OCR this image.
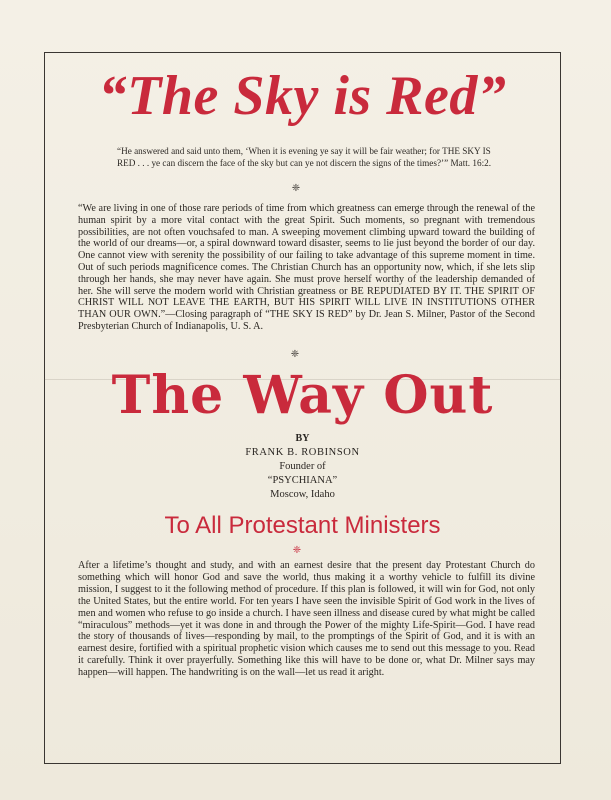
“The Sky is Red”
“He answered and said unto them, ‘When it is evening ye say it will be fair weather; for THE SKY IS RED . . . ye can discern the face of the sky but can ye not discern the signs of the times?’” Matt. 16:2.
❈
“We are living in one of those rare periods of time from which greatness can emerge through the renewal of the human spirit by a more vital contact with the great Spirit. Such moments, so pregnant with tremendous possibilities, are not often vouchsafed to man. A sweeping movement climbing upward toward the building of the world of our dreams—or, a spiral downward toward disaster, seems to lie just beyond the border of our day. One cannot view with serenity the possibility of our failing to take advantage of this supreme moment in time. Out of such periods magnificence comes. The Christian Church has an opportunity now, which, if she lets slip through her hands, she may never have again. She must prove herself worthy of the leadership demanded of her. She will serve the modern world with Christian greatness or BE REPUDIATED BY IT. THE SPIRIT OF CHRIST WILL NOT LEAVE THE EARTH, BUT HIS SPIRIT WILL LIVE IN INSTITUTIONS OTHER THAN OUR OWN.”—Closing paragraph of “THE SKY IS RED” by Dr. Jean S. Milner, Pastor of the Second Presbyterian Church of Indianapolis, U. S. A.
❈
The Way Out
BY
FRANK B. ROBINSON
Founder of
“PSYCHIANA”
Moscow, Idaho
To All Protestant Ministers
❈
After a lifetime’s thought and study, and with an earnest desire that the present day Protestant Church do something which will honor God and save the world, thus making it a worthy vehicle to fulfill its divine mission, I suggest to it the following method of procedure. If this plan is followed, it will win for God, not only the United States, but the entire world. For ten years I have seen the invisible Spirit of God work in the lives of men and women who refuse to go inside a church. I have seen illness and disease cured by what might be called “miraculous” methods—yet it was done in and through the Power of the mighty Life-Spirit—God. I have read the story of thousands of lives—responding by mail, to the promptings of the Spirit of God, and it is with an earnest desire, fortified with a spiritual prophetic vision which causes me to send out this message to you. Read it carefully. Think it over prayerfully. Something like this will have to be done or, what Dr. Milner says may happen—will happen. The handwriting is on the wall—let us read it aright.
